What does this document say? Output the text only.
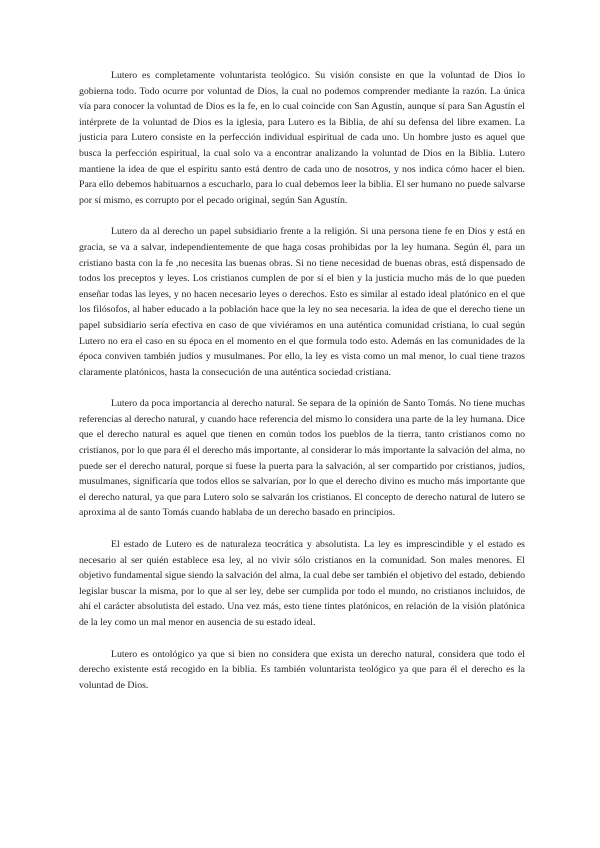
Lutero es completamente voluntarista teológico. Su visión consiste en que la voluntad de Dios lo gobierna todo. Todo ocurre por voluntad de Dios, la cual no podemos comprender mediante la razón. La única vía para conocer la voluntad de Dios es la fe, en lo cual coincide con San Agustín, aunque sí para San Agustín el intérprete de la voluntad de Dios es la iglesia, para Lutero es la Biblia, de ahí su defensa del libre examen. La justicia para Lutero consiste en la perfección individual espiritual de cada uno. Un hombre justo es aquel que busca la perfección espiritual, la cual solo va a encontrar analizando la voluntad de Dios en la Biblia. Lutero mantiene la idea de que el espíritu santo está dentro de cada uno de nosotros, y nos indica cómo hacer el bien. Para ello debemos habituarnos a escucharlo, para lo cual debemos leer la biblia. El ser humano no puede salvarse por sí mismo, es corrupto por el pecado original, según San Agustín.

Lutero da al derecho un papel subsidiario frente a la religión. Si una persona tiene fe en Dios y está en gracia, se va a salvar, independientemente de que haga cosas prohibidas por la ley humana. Según él, para un cristiano basta con la fe ,no necesita las buenas obras. Si no tiene necesidad de buenas obras, está dispensado de todos los preceptos y leyes. Los cristianos cumplen de por sí el bien y la justicia mucho más de lo que pueden enseñar todas las leyes, y no hacen necesario leyes o derechos. Esto es similar al estado ideal platónico en el que los filósofos, al haber educado a la población hace que la ley no sea necesaria. la idea de que el derecho tiene un papel subsidiario sería efectiva en caso de que viviéramos en una auténtica comunidad cristiana, lo cual según Lutero no era el caso en su época en el momento en el que formula todo esto. Además en las comunidades de la época conviven también judíos y musulmanes. Por ello, la ley es vista como un mal menor, lo cual tiene trazos claramente platónicos, hasta la consecución de una auténtica sociedad cristiana.

Lutero da poca importancia al derecho natural. Se separa de la opinión de Santo Tomás. No tiene muchas referencias al derecho natural, y cuando hace referencia del mismo lo considera una parte de la ley humana. Dice que el derecho natural es aquel que tienen en común todos los pueblos de la tierra, tanto cristianos como no cristianos, por lo que para él el derecho más importante, al considerar lo más importante la salvación del alma, no puede ser el derecho natural, porque si fuese la puerta para la salvación, al ser compartido por cristianos, judíos, musulmanes, significaría que todos ellos se salvarían, por lo que el derecho divino es mucho más importante que el derecho natural, ya que para Lutero solo se salvarán los cristianos. El concepto de derecho natural de lutero se aproxima al de santo Tomás cuando hablaba de un derecho basado en principios.

El estado de Lutero es de naturaleza teocrática y absolutista. La ley es imprescindible y el estado es necesario al ser quién establece esa ley, al no vivir sólo cristianos en la comunidad. Son males menores. El objetivo fundamental sigue siendo la salvación del alma, la cual debe ser también el objetivo del estado, debiendo legislar buscar la misma, por lo que al ser ley, debe ser cumplida por todo el mundo, no cristianos incluidos, de ahí el carácter absolutista del estado. Una vez más, esto tiene tintes platónicos, en relación de la visión platónica de la ley como un mal menor en ausencia de su estado ideal.

Lutero es ontológico ya que si bien no considera que exista un derecho natural, considera que todo el derecho existente está recogido en la biblia. Es también voluntarista teológico ya que para él el derecho es la voluntad de Dios.
